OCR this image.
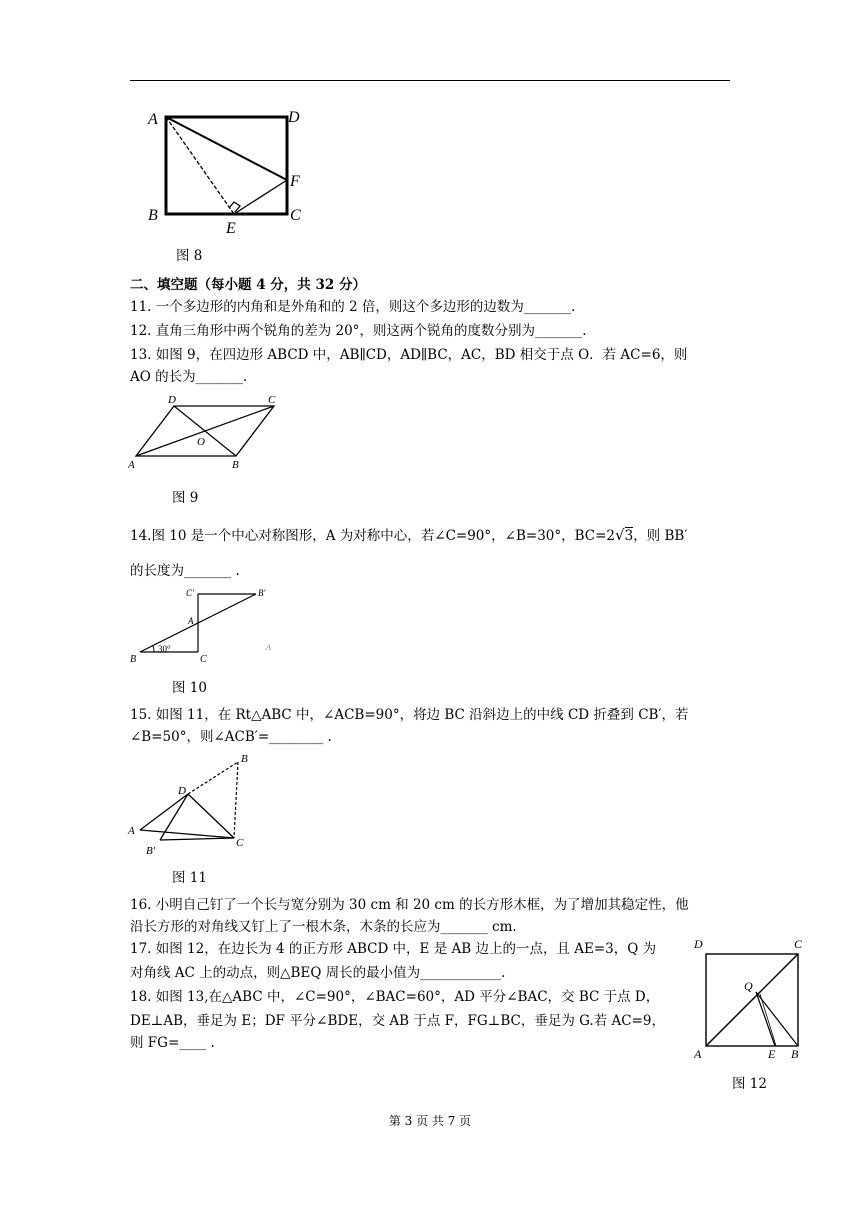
A	D
B	C
F
E
图 8
二、填空题（每小题 4 分，共 32 分）
11. 一个多边形的内角和是外角和的 2 倍，则这个多边形的边数为_______.
12. 直角三角形中两个锐角的差为 20°，则这两个锐角的度数分别为_______.
13. 如图 9，在四边形 ABCD 中，AB∥CD，AD∥BC，AC，BD 相交于点 O．若 AC=6，则
AO 的长为_______.
D	C
A	B
O
图 9
14.图 10 是一个中心对称图形，A 为对称中心，若∠C=90°，∠B=30°，BC=2√3，则 BB′
的长度为_______ .
C′	B′
A
B	C
30°	A
图 10
15. 如图 11，在 Rt△ABC 中，∠ACB=90°，将边 BC 沿斜边上的中线 CD 折叠到 CB′，若
∠B=50°，则∠ACB′=________ .
A
B
D
C
B′
图 11
16. 小明自己钉了一个长与宽分别为 30 cm 和 20 cm 的长方形木框，为了增加其稳定性，他
沿长方形的对角线又钉上了一根木条，木条的长应为_______ cm.
17. 如图 12，在边长为 4 的正方形 ABCD 中，E 是 AB 边上的一点，且 AE=3，Q 为
对角线 AC 上的动点，则△BEQ 周长的最小值为____________.
18. 如图 13,在△ABC 中，∠C=90°，∠BAC=60°，AD 平分∠BAC，交 BC 于点 D，
DE⊥AB，垂足为 E；DF 平分∠BDE，交 AB 于点 F，FG⊥BC，垂足为 G.若 AC=9，
则 FG=____ .
D	C
A	E B
Q
图 12
第 3 页 共 7 页
